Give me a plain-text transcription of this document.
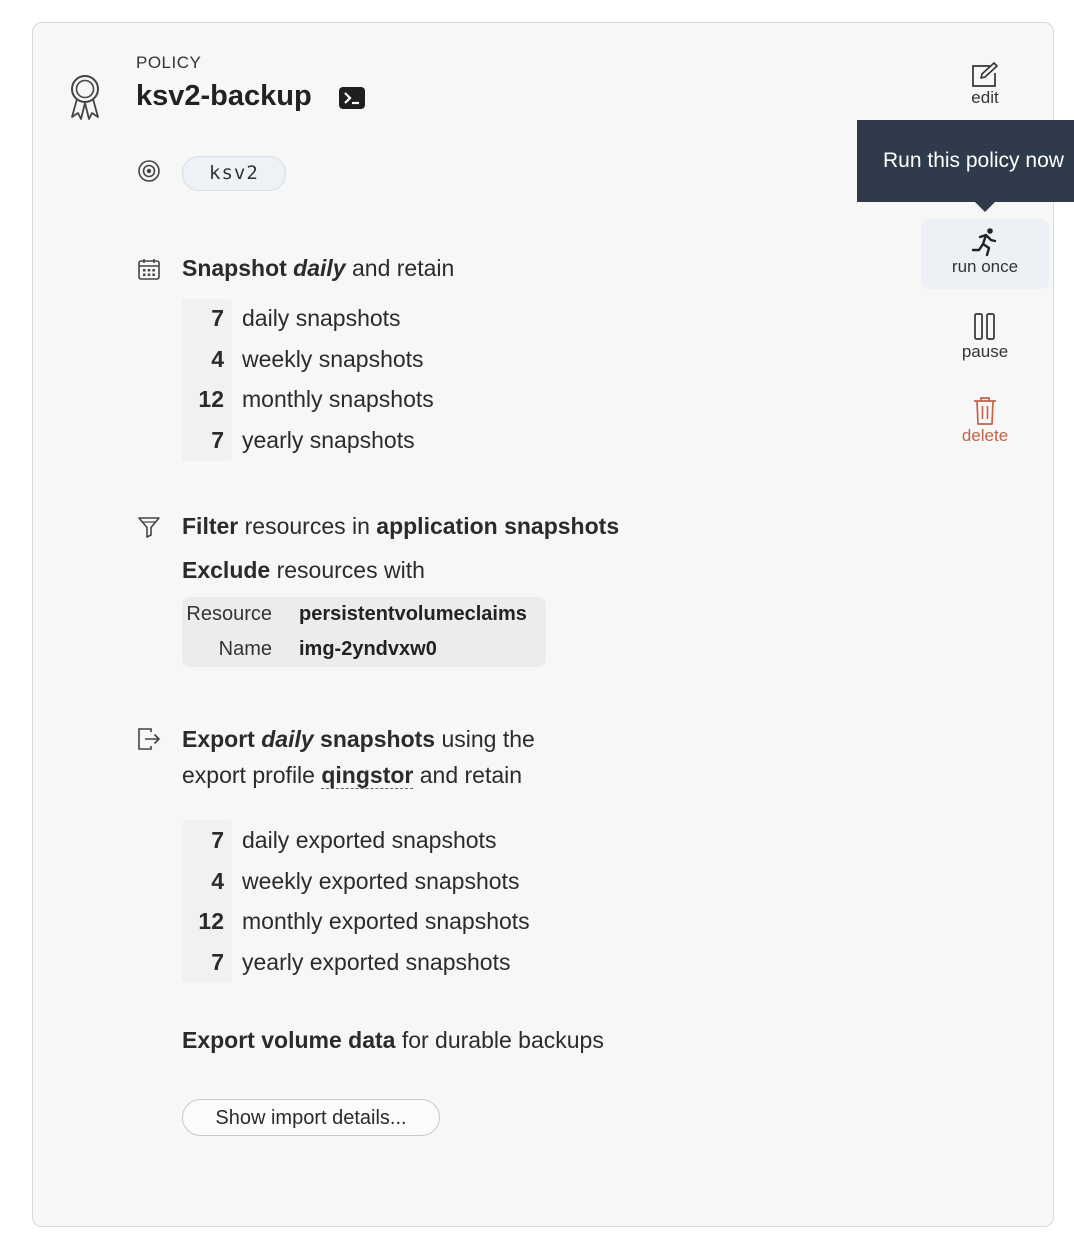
POLICY
ksv2-backup
ksv2
Snapshot daily and retain
7 daily snapshots
4 weekly snapshots
12 monthly snapshots
7 yearly snapshots
Filter resources in application snapshots
Exclude resources with
Resource persistentvolumeclaims
Name img-2yndvxw0
Export daily snapshots using the
export profile qingstor and retain
7 daily exported snapshots
4 weekly exported snapshots
12 monthly exported snapshots
7 yearly exported snapshots
Export volume data for durable backups
Show import details...
edit
run once
pause
delete
Run this policy now
